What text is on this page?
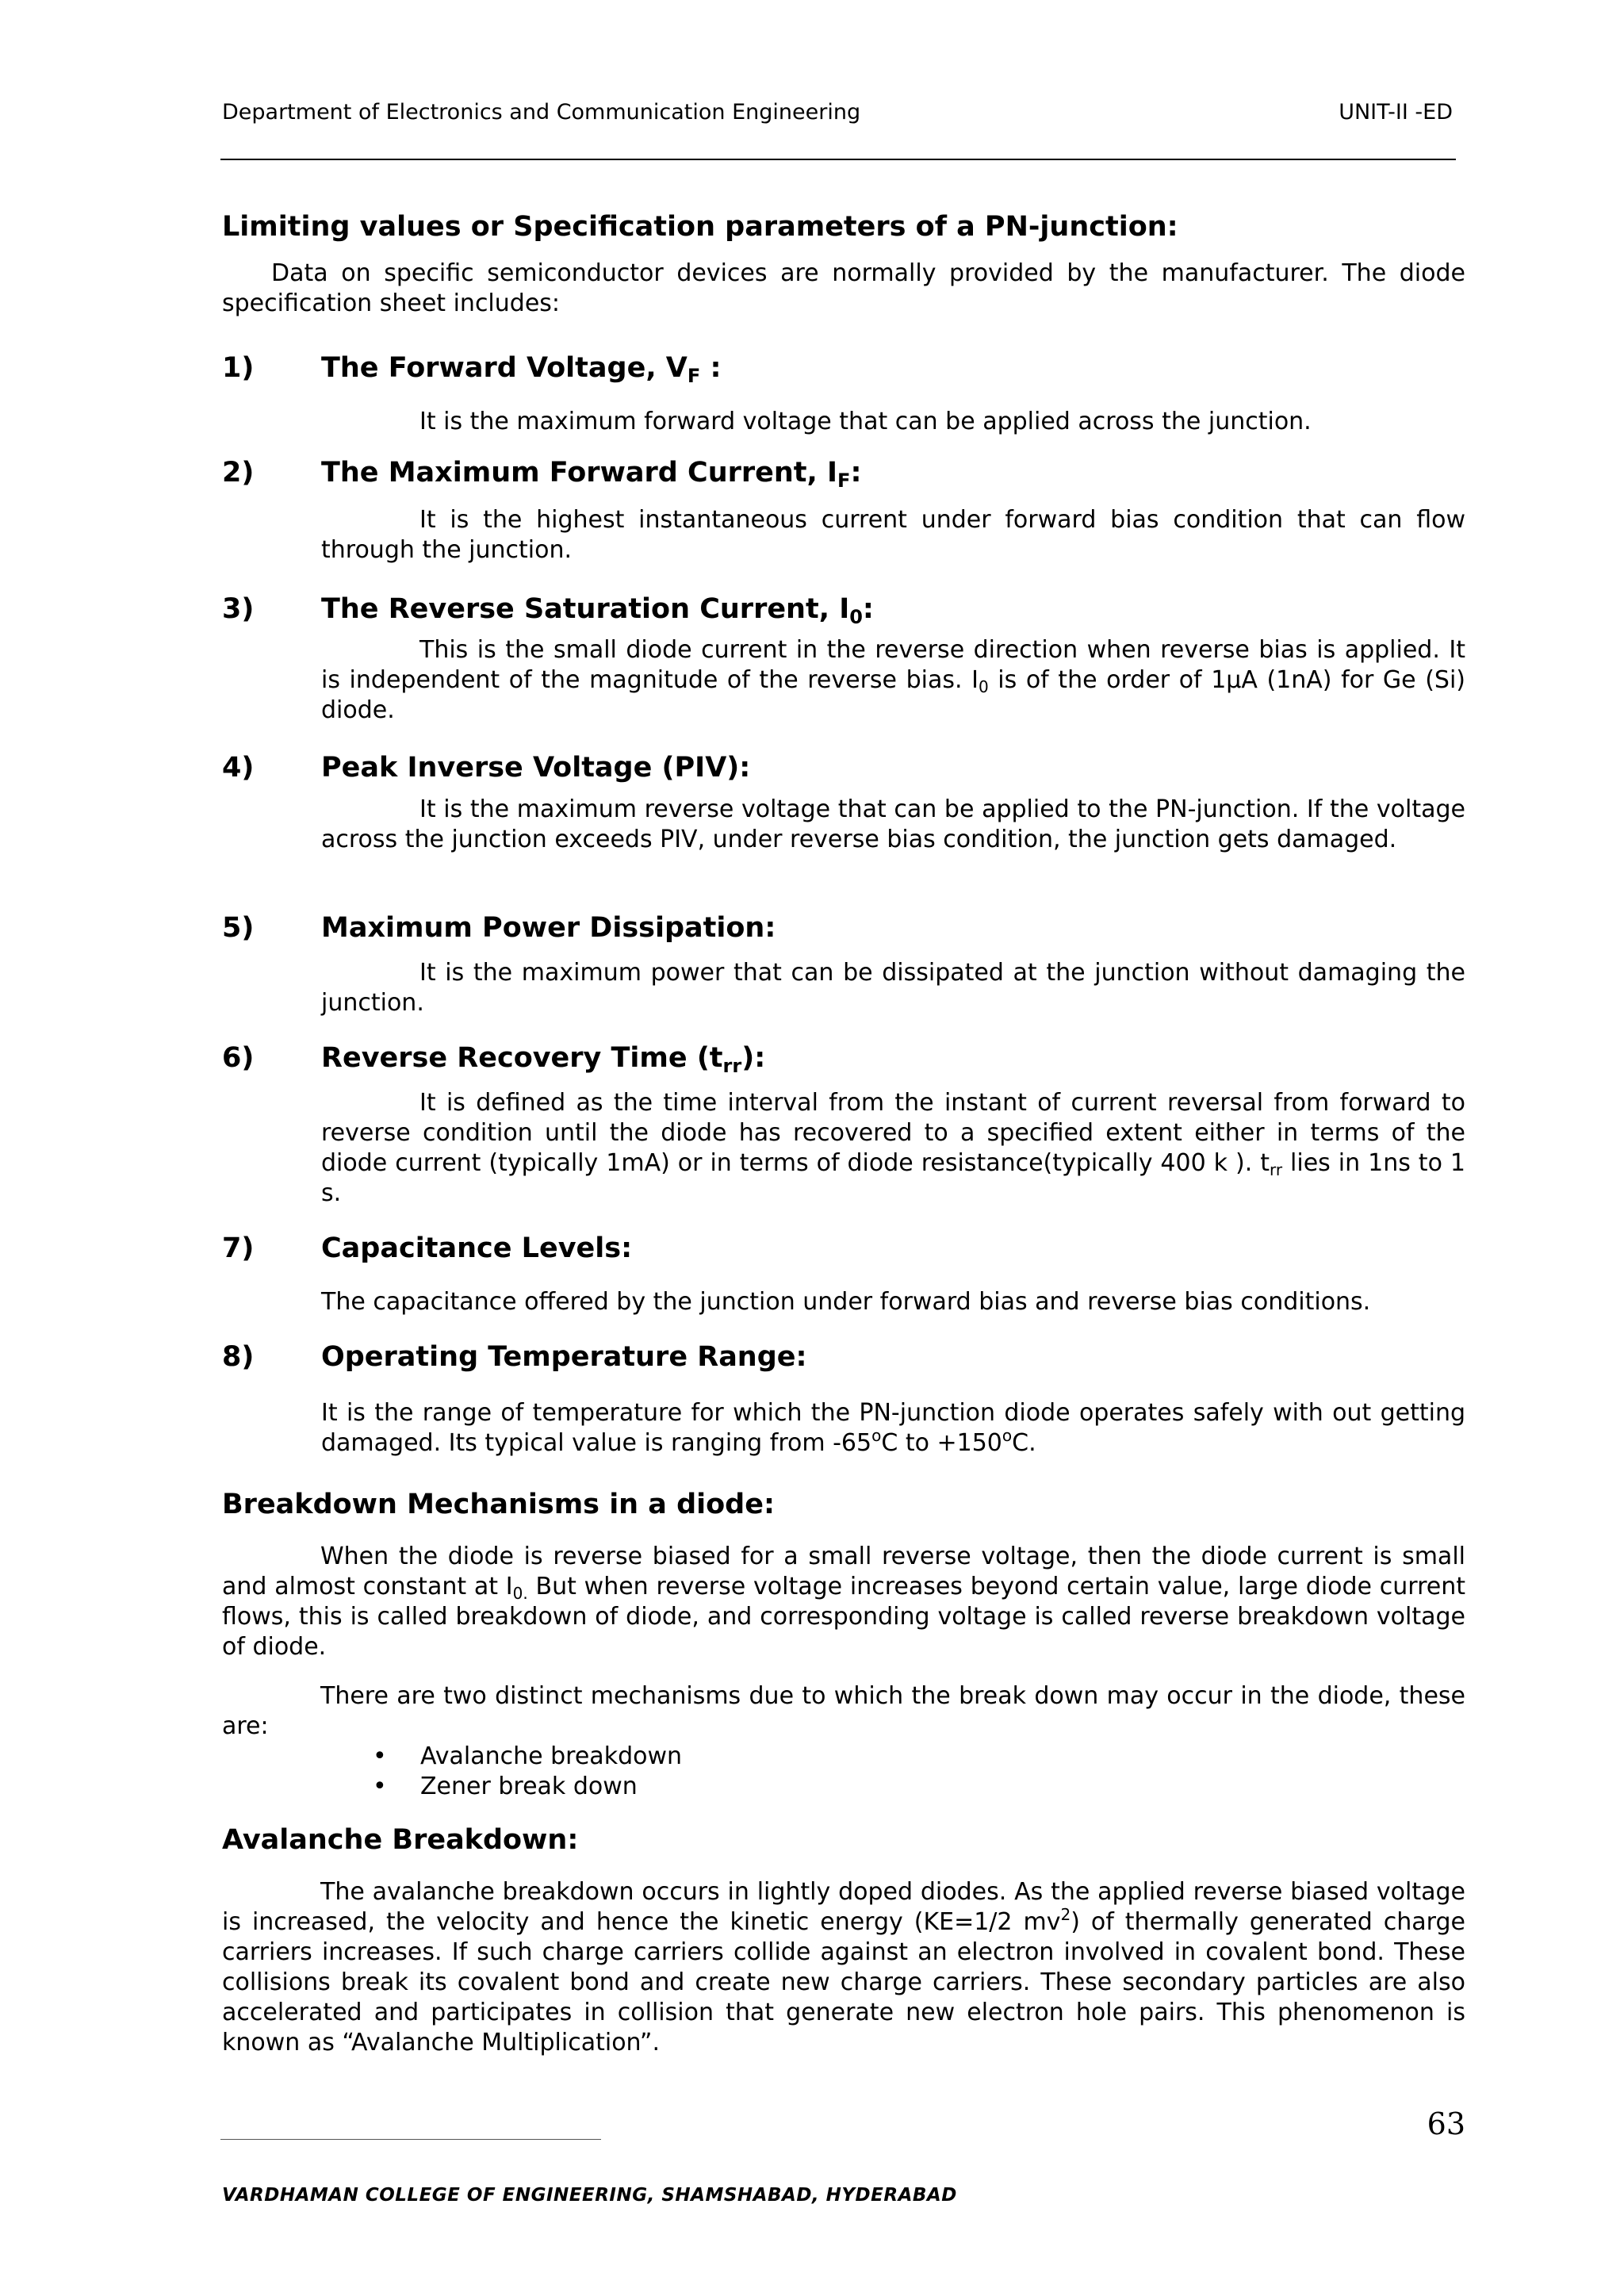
Department of Electronics and Communication Engineering	UNIT-II -ED
Limiting values or Specification parameters of a PN-junction:
Data on specific semiconductor devices are normally provided by the manufacturer. The diode specification sheet includes:
1) The Forward Voltage, $V_F$ :
It is the maximum forward voltage that can be applied across the junction.
2) The Maximum Forward Current, $I_F$:
It is the highest instantaneous current under forward bias condition that can flow through the junction.
3) The Reverse Saturation Current, $I_0$:
This is the small diode current in the reverse direction when reverse bias is applied. It is independent of the magnitude of the reverse bias. $I_0$ is of the order of 1μA (1nA) for Ge (Si) diode.
4) Peak Inverse Voltage (PIV):
It is the maximum reverse voltage that can be applied to the PN-junction. If the voltage across the junction exceeds PIV, under reverse bias condition, the junction gets damaged.
5) Maximum Power Dissipation:
It is the maximum power that can be dissipated at the junction without damaging the junction.
6) Reverse Recovery Time $(t_{rr})$:
It is defined as the time interval from the instant of current reversal from forward to reverse condition until the diode has recovered to a specified extent either in terms of the diode current (typically 1mA) or in terms of diode resistance(typically 400 k ). $t_{rr}$ lies in 1ns to 1 s.
7) Capacitance Levels:
The capacitance offered by the junction under forward bias and reverse bias conditions.
8) Operating Temperature Range:
It is the range of temperature for which the PN-junction diode operates safely with out getting damaged. Its typical value is ranging from -65$^o$C to $+150^oC$.
Breakdown Mechanisms in a diode:
When the diode is reverse biased for a small reverse voltage, then the diode current is small and almost constant at $I_{0.}$ But when reverse voltage increases beyond certain value, large diode current flows, this is called breakdown of diode, and corresponding voltage is called reverse breakdown voltage of diode.
There are two distinct mechanisms due to which the break down may occur in the diode, these are:
• Avalanche breakdown
• Zener break down
Avalanche Breakdown:
The avalanche breakdown occurs in lightly doped diodes. As the applied reverse biased voltage is increased, the velocity and hence the kinetic energy (KE=1/2 $mv^2$) of thermally generated charge carriers increases. If such charge carriers collide against an electron involved in covalent bond. These collisions break its covalent bond and create new charge carriers. These secondary particles are also accelerated and participates in collision that generate new electron hole pairs. This phenomenon is known as “Avalanche Multiplication”.
63
VARDHAMAN COLLEGE OF ENGINEERING, SHAMSHABAD, HYDERABAD
